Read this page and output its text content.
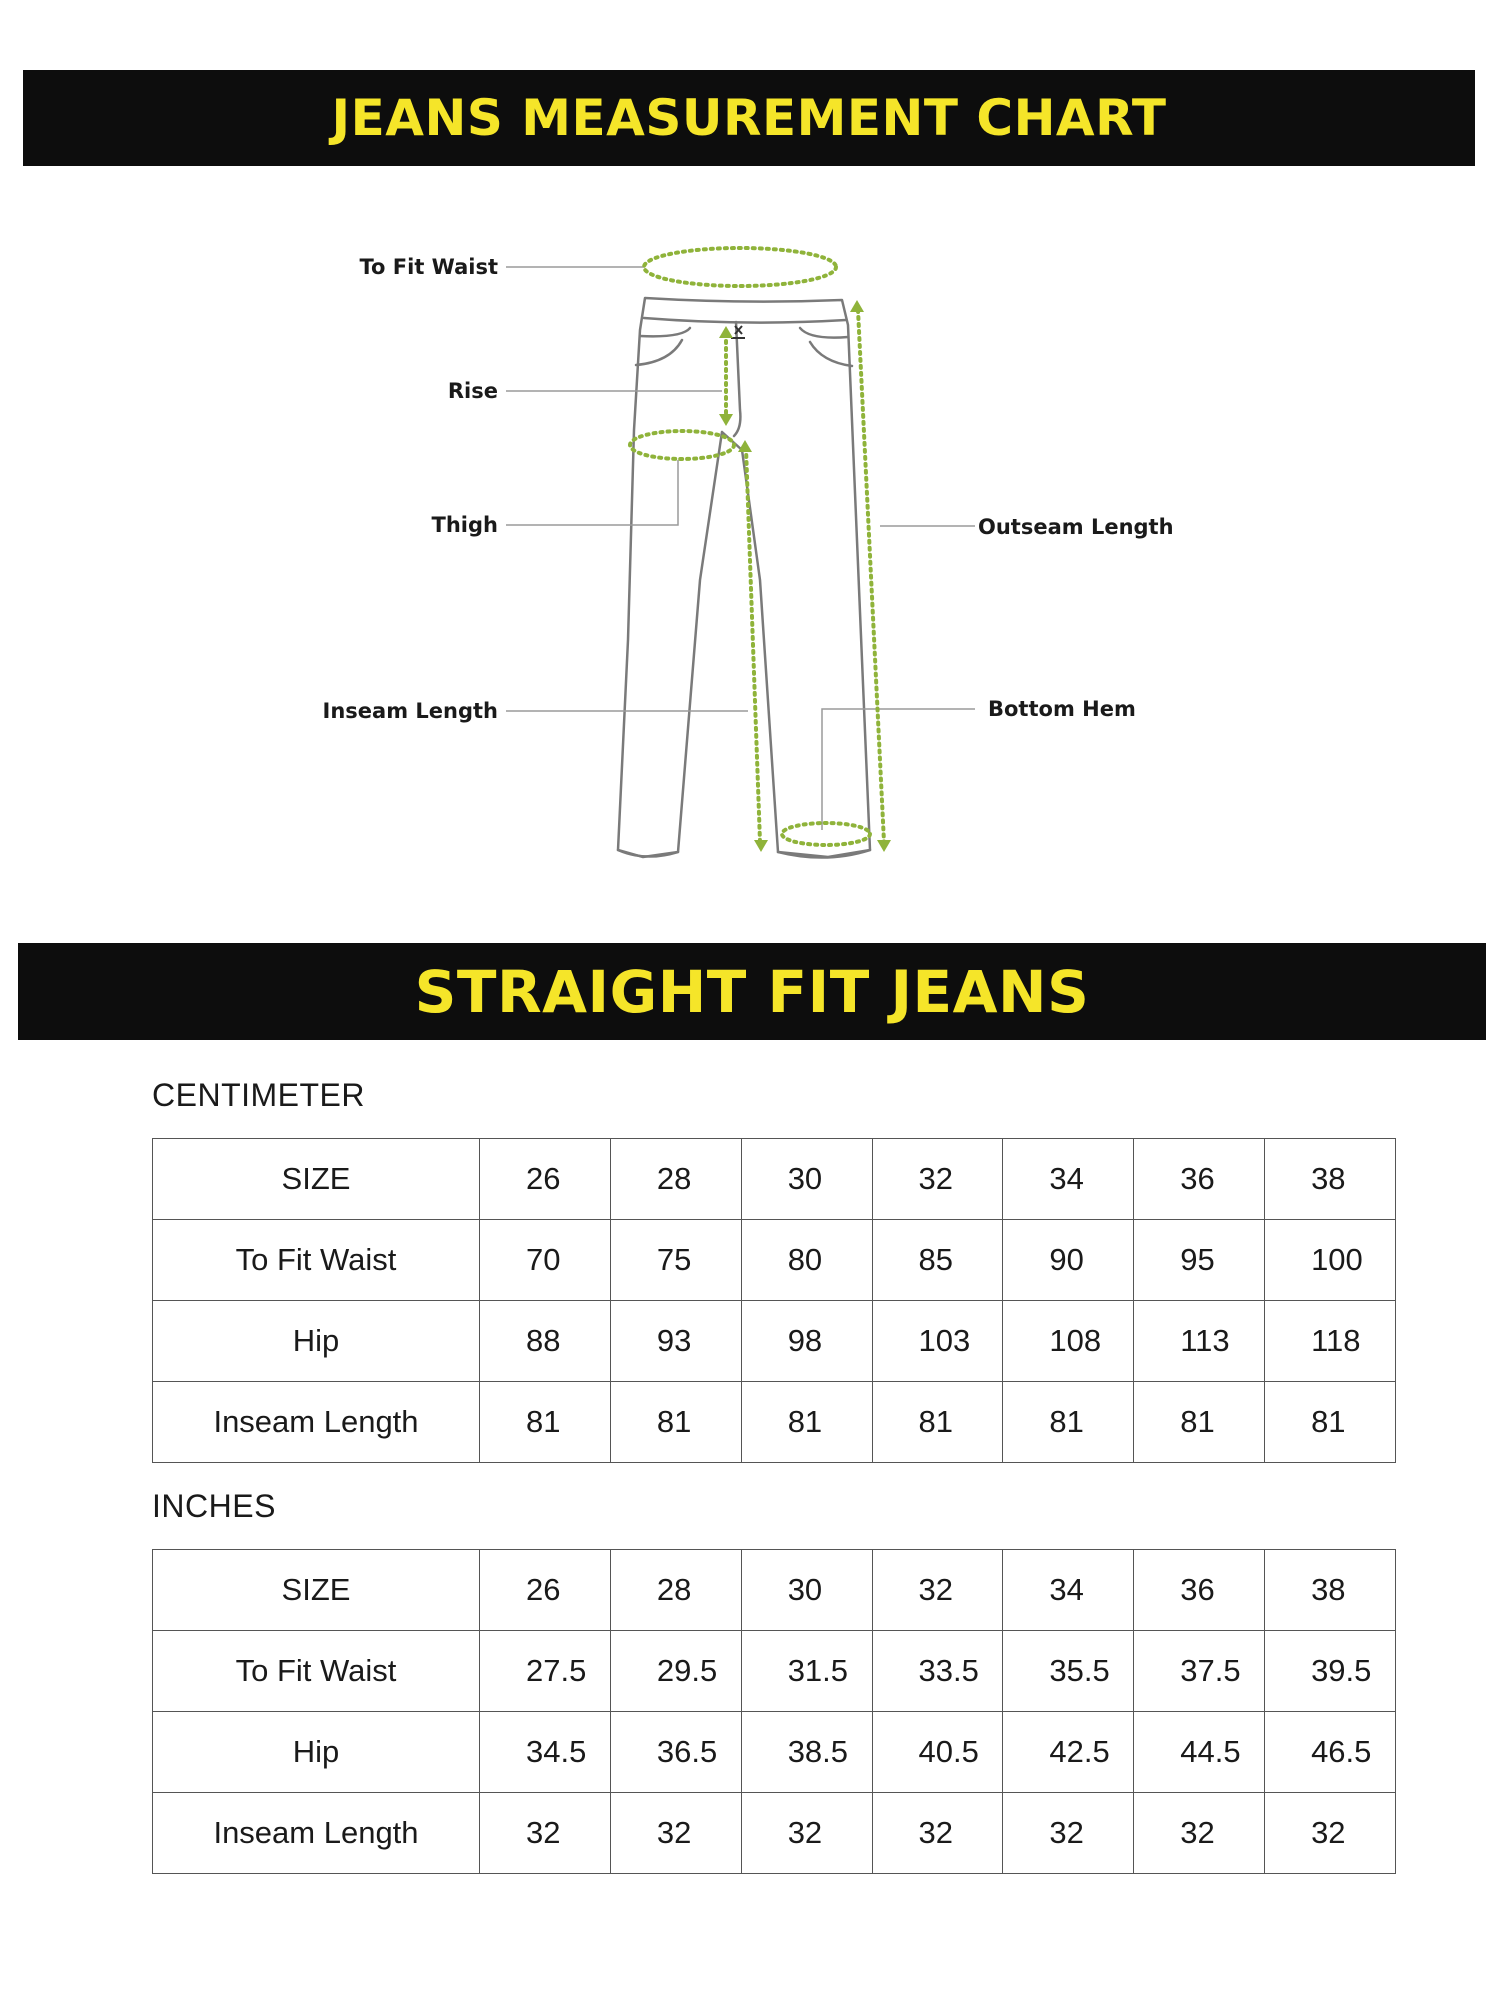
JEANS MEASUREMENT CHART
To Fit Waist
Rise
Thigh
Inseam Length
Outseam Length
Bottom Hem
STRAIGHT FIT JEANS
CENTIMETER
SIZE	26	28	30	32	34	36	38
To Fit Waist	70	75	80	85	90	95	100
Hip	88	93	98	103	108	113	118
Inseam Length	81	81	81	81	81	81	81
INCHES
SIZE	26	28	30	32	34	36	38
To Fit Waist	27.5	29.5	31.5	33.5	35.5	37.5	39.5
Hip	34.5	36.5	38.5	40.5	42.5	44.5	46.5
Inseam Length	32	32	32	32	32	32	32
